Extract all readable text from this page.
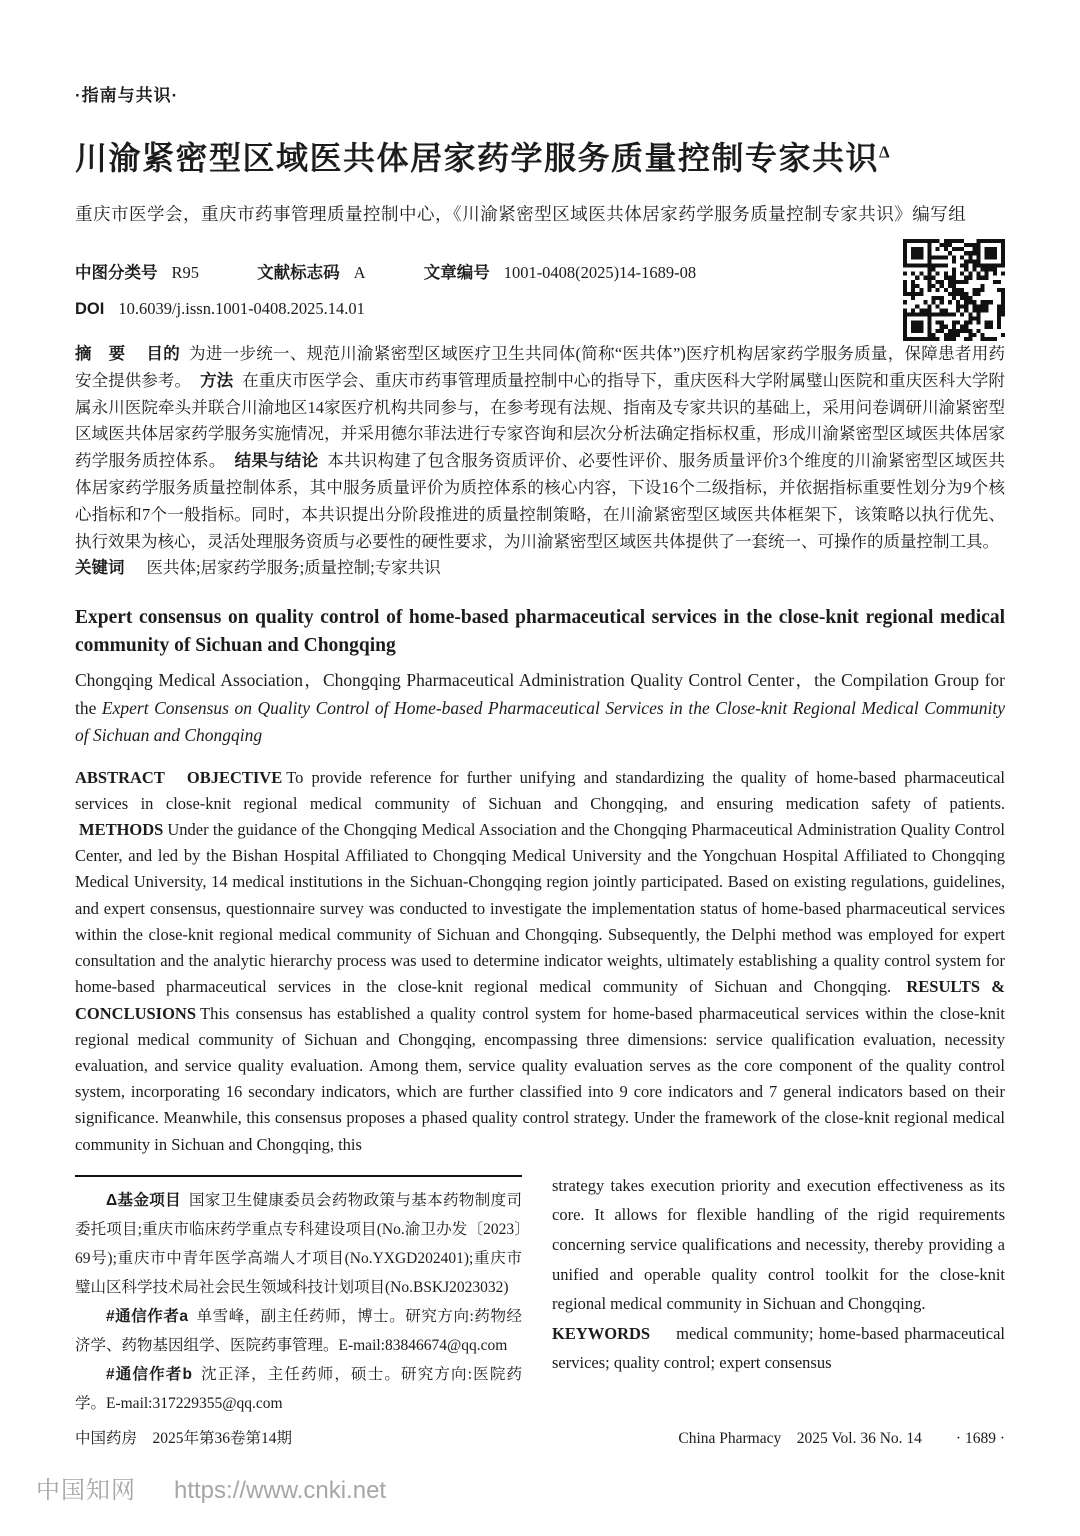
·指南与共识·
川渝紧密型区域医共体居家药学服务质量控制专家共识$^\Delta$

重庆市医学会，重庆市药事管理质量控制中心，《川渝紧密型区域医共体居家药学服务质量控制专家共识》编写组

中图分类号 R95	文献标志码 A	文章编号 1001-0408(2025)14-1689-08
DOI 10.6039/j.issn.1001-0408.2025.14.01

摘　要 目的 为进一步统一、规范川渝紧密型区域医疗卫生共同体(简称“医共体”)医疗机构居家药学服务质量，保障患者用药安全提供参考。 方法 在重庆市医学会、重庆市药事管理质量控制中心的指导下，重庆医科大学附属璧山医院和重庆医科大学附属永川医院牵头并联合川渝地区14家医疗机构共同参与，在参考现有法规、指南及专家共识的基础上，采用问卷调研川渝紧密型区域医共体居家药学服务实施情况，并采用德尔菲法进行专家咨询和层次分析法确定指标权重，形成川渝紧密型区域医共体居家药学服务质控体系。 结果与结论 本共识构建了包含服务资质评价、必要性评价、服务质量评价3个维度的川渝紧密型区域医共体居家药学服务质量控制体系，其中服务质量评价为质控体系的核心内容，下设16个二级指标，并依据指标重要性划分为9个核心指标和7个一般指标。同时，本共识提出分阶段推进的质量控制策略，在川渝紧密型区域医共体框架下，该策略以执行优先、执行效果为核心，灵活处理服务资质与必要性的硬性要求，为川渝紧密型区域医共体提供了一套统一、可操作的质量控制工具。

关键词 医共体;居家药学服务;质量控制;专家共识

Expert consensus on quality control of home-based pharmaceutical services in the close-knit regional medical community of Sichuan and Chongqing

Chongqing Medical Association，Chongqing Pharmaceutical Administration Quality Control Center，the Compilation Group for the Expert Consensus on Quality Control of Home-based Pharmaceutical Services in the Close-knit Regional Medical Community of Sichuan and Chongqing

ABSTRACT OBJECTIVE To provide reference for further unifying and standardizing the quality of home-based pharmaceutical services in close-knit regional medical community of Sichuan and Chongqing, and ensuring medication safety of patients. METHODS Under the guidance of the Chongqing Medical Association and the Chongqing Pharmaceutical Administration Quality Control Center, and led by the Bishan Hospital Affiliated to Chongqing Medical University and the Yongchuan Hospital Affiliated to Chongqing Medical University, 14 medical institutions in the Sichuan-Chongqing region jointly participated. Based on existing regulations, guidelines, and expert consensus, questionnaire survey was conducted to investigate the implementation status of home-based pharmaceutical services within the close-knit regional medical community of Sichuan and Chongqing. Subsequently, the Delphi method was employed for expert consultation and the analytic hierarchy process was used to determine indicator weights, ultimately establishing a quality control system for home-based pharmaceutical services in the close-knit regional medical community of Sichuan and Chongqing. RESULTS & CONCLUSIONS This consensus has established a quality control system for home-based pharmaceutical services within the close-knit regional medical community of Sichuan and Chongqing, encompassing three dimensions: service qualification evaluation, necessity evaluation, and service quality evaluation. Among them, service quality evaluation serves as the core component of the quality control system, incorporating 16 secondary indicators, which are further classified into 9 core indicators and 7 general indicators based on their significance. Meanwhile, this consensus proposes a phased quality control strategy. Under the framework of the close-knit regional medical community in Sichuan and Chongqing, this

Δ基金项目 国家卫生健康委员会药物政策与基本药物制度司委托项目;重庆市临床药学重点专科建设项目(No.渝卫办发〔2023〕69号);重庆市中青年医学高端人才项目(No.YXGD202401);重庆市璧山区科学技术局社会民生领域科技计划项目(No.BSKJ2023032)

#通信作者a 单雪峰，副主任药师，博士。研究方向:药物经济学、药物基因组学、医院药事管理。E-mail:83846674@qq.com

#通信作者b 沈正泽，主任药师，硕士。研究方向:医院药学。E-mail:317229355@qq.com

strategy takes execution priority and execution effectiveness as its core. It allows for flexible handling of the rigid requirements concerning service qualifications and necessity, thereby providing a unified and operable quality control toolkit for the close-knit regional medical community in Sichuan and Chongqing.

KEYWORDS medical community; home-based pharmaceutical services; quality control; expert consensus

中国药房　2025年第36卷第14期	China Pharmacy　2025 Vol. 36 No. 14 · 1689 ·
中国知网 https://www.cnki.net
